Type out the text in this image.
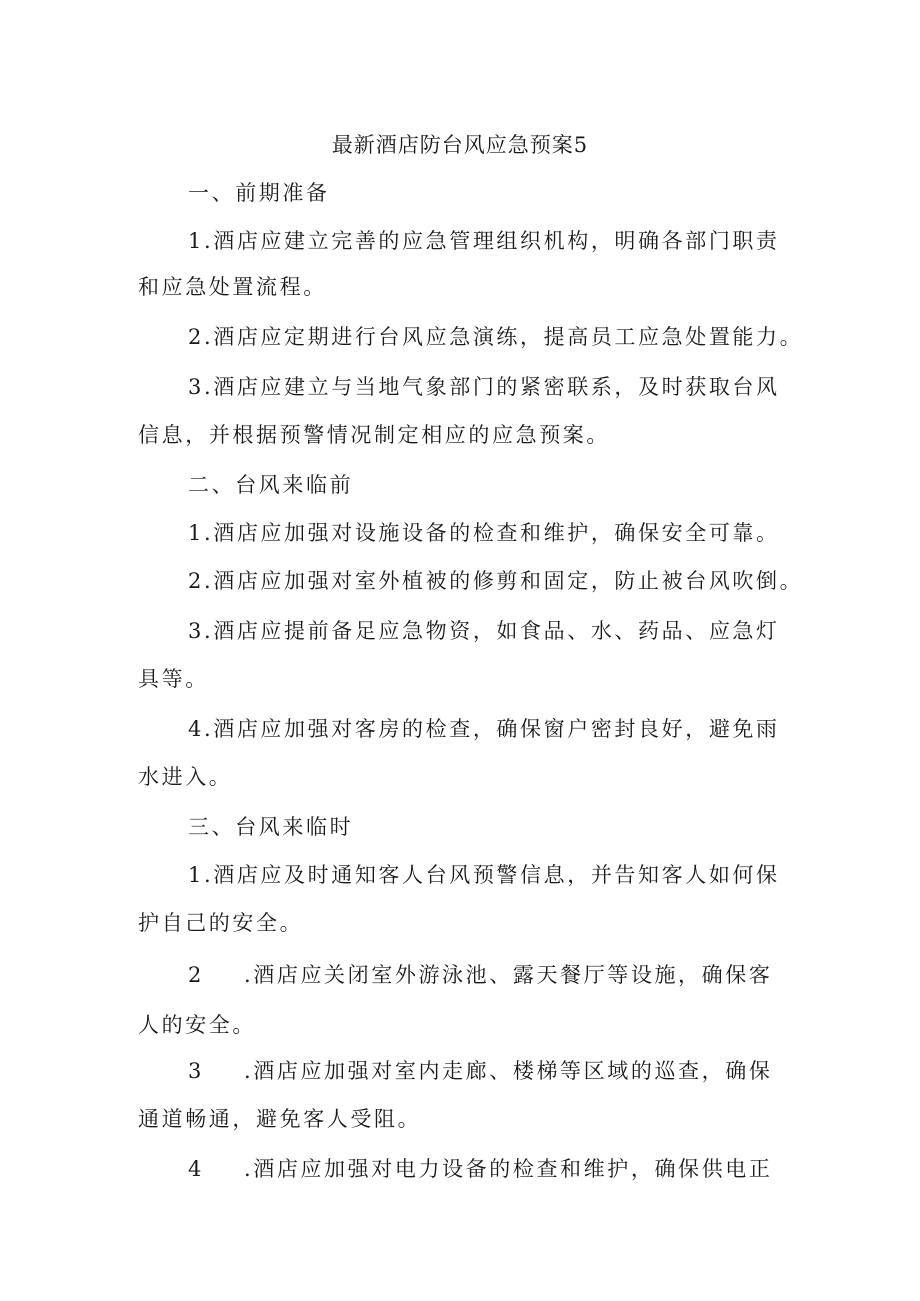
最新酒店防台风应急预案5
一、前期准备
1.酒店应建立完善的应急管理组织机构，明确各部门职责
和应急处置流程。
2.酒店应定期进行台风应急演练，提高员工应急处置能力。
3.酒店应建立与当地气象部门的紧密联系，及时获取台风
信息，并根据预警情况制定相应的应急预案。
二、台风来临前
1.酒店应加强对设施设备的检查和维护，确保安全可靠。
2.酒店应加强对室外植被的修剪和固定，防止被台风吹倒。
3.酒店应提前备足应急物资，如食品、水、药品、应急灯
具等。
4.酒店应加强对客房的检查，确保窗户密封良好，避免雨
水进入。
三、台风来临时
1.酒店应及时通知客人台风预警信息，并告知客人如何保
护自己的安全。
2 .酒店应关闭室外游泳池、露天餐厅等设施，确保客
人的安全。
3 .酒店应加强对室内走廊、楼梯等区域的巡查，确保
通道畅通，避免客人受阻。
4 .酒店应加强对电力设备的检查和维护，确保供电正
